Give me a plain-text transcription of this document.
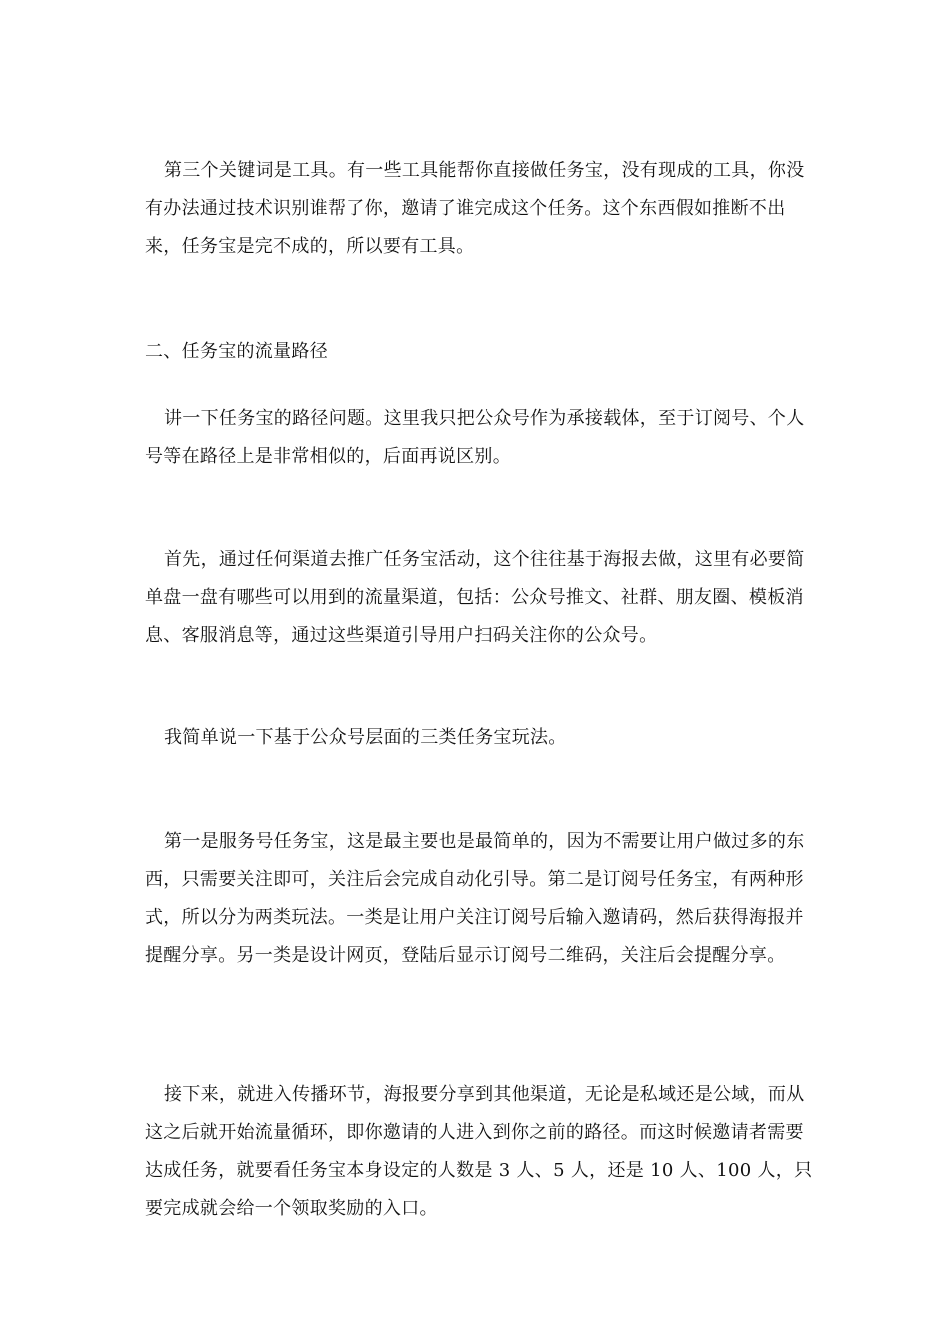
第三个关键词是工具。有一些工具能帮你直接做任务宝，没有现成的工具，你没有办法通过技术识别谁帮了你，邀请了谁完成这个任务。这个东西假如推断不出来，任务宝是完不成的，所以要有工具。

二、任务宝的流量路径

讲一下任务宝的路径问题。这里我只把公众号作为承接载体，至于订阅号、个人号等在路径上是非常相似的，后面再说区别。

首先，通过任何渠道去推广任务宝活动，这个往往基于海报去做，这里有必要简单盘一盘有哪些可以用到的流量渠道，包括：公众号推文、社群、朋友圈、模板消息、客服消息等，通过这些渠道引导用户扫码关注你的公众号。

我简单说一下基于公众号层面的三类任务宝玩法。

第一是服务号任务宝，这是最主要也是最简单的，因为不需要让用户做过多的东西，只需要关注即可，关注后会完成自动化引导。第二是订阅号任务宝，有两种形式，所以分为两类玩法。一类是让用户关注订阅号后输入邀请码，然后获得海报并提醒分享。另一类是设计网页，登陆后显示订阅号二维码，关注后会提醒分享。

接下来，就进入传播环节，海报要分享到其他渠道，无论是私域还是公域，而从这之后就开始流量循环，即你邀请的人进入到你之前的路径。而这时候邀请者需要达成任务，就要看任务宝本身设定的人数是 3 人、5 人，还是 10 人、100 人，只要完成就会给一个领取奖励的入口。
